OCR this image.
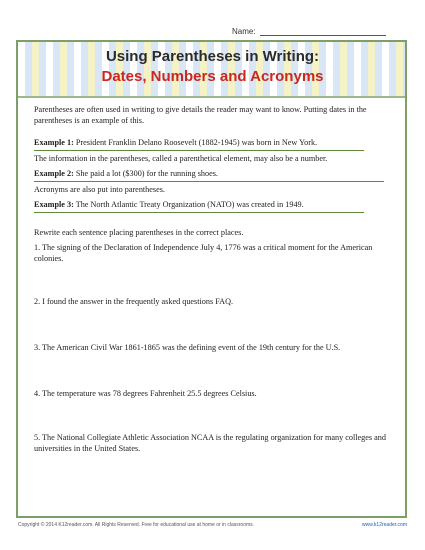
Name:
Using Parentheses in Writing:
Dates, Numbers and Acronyms
Parentheses are often used in writing to give details the reader may want to know. Putting dates in the parentheses is an example of this.
Example 1: President Franklin Delano Roosevelt (1882-1945) was born in New York.
The information in the parentheses, called a parenthetical element, may also be a number.
Example 2: She paid a lot ($300) for the running shoes.
Acronyms are also put into parentheses.
Example 3: The North Atlantic Treaty Organization (NATO) was created in 1949.
Rewrite each sentence placing parentheses in the correct places.
1. The signing of the Declaration of Independence July 4, 1776 was a critical moment for the American colonies.
2. I found the answer in the frequently asked questions FAQ.
3. The American Civil War 1861-1865 was the defining event of the 19th century for the U.S.
4. The temperature was 78 degrees Fahrenheit 25.5 degrees Celsius.
5. The National Collegiate Athletic Association NCAA is the regulating organization for many colleges and universities in the United States.
Copyright © 2014 K12reader.com. All Rights Reserved. Free for educational use at home or in classrooms.	www.k12reader.com
